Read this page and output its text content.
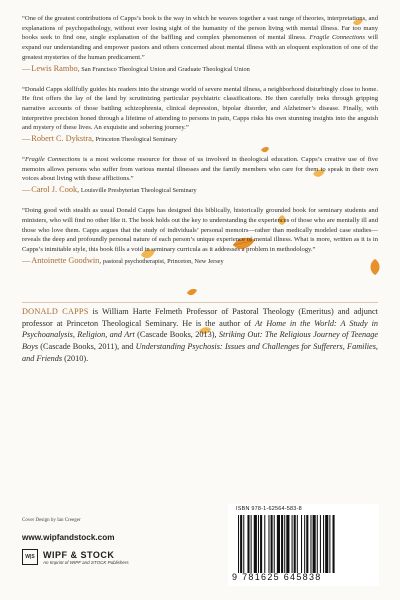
“One of the greatest contributions of Capps’s book is the way in which he weaves together a vast range of theories, interpretations, and explanations of psychopathology, without ever losing sight of the humanity of the person living with mental illness. Far too many books seek to find one, single explanation of the baffling and complex phenomenon of mental illness. Fragile Connections will expand our understanding and empower pastors and others concerned about mental illness with an eloquent exploration of one of the greatest mysteries of the human predicament.”
—Lewis Rambo, San Francisco Theological Union and Graduate Theological Union
“Donald Capps skillfully guides his readers into the strange world of severe mental illness, a neighborhood disturbingly close to home. He first offers the lay of the land by scrutinizing particular psychiatric classifications. He then carefully treks through gripping narrative accounts of those battling schizophrenia, clinical depression, bipolar disorder, and Alzheimer’s disease. Finally, with interpretive precision honed through a lifetime of attending to persons in pain, Capps risks his own stunning insights into the anguish and mystery of these lives. An exquisite and sobering journey.”
—Robert C. Dykstra, Princeton Theological Seminary
“Fragile Connections is a most welcome resource for those of us involved in theological education. Capps’s creative use of five memoirs allows persons who suffer from various mental illnesses and the family members who care for them to speak in their own voices about living with these afflictions.”
—Carol J. Cook, Louisville Presbyterian Theological Seminary
“Doing good with stealth as usual Donald Capps has designed this biblically, historically grounded book for seminary students and ministers, who will find no other like it. The book holds out the key to understanding the experiences of those who are mentally ill and those who love them. Capps argues that the study of individuals’ personal memoirs—rather than medically modeled case studies—reveals the deep and profoundly personal nature of each person’s unique experience of mental illness. What is more, written as it is in Capps’s inimitable style, this book fills a void in seminary curricula as it addresses a problem in methodology.”
—Antoinette Goodwin, pastoral psychotherapist, Princeton, New Jersey
DONALD CAPPS is William Harte Felmeth Professor of Pastoral Theology (Emeritus) and adjunct professor at Princeton Theological Seminary. He is the author of At Home in the World: A Study in Psychoanalysis, Religion, and Art (Cascade Books, 2013), Striking Out: The Religious Journey of Teenage Boys (Cascade Books, 2011), and Understanding Psychosis: Issues and Challenges for Sufferers, Families, and Friends (2010).
Cover Design by Ian Creeger
www.wipfandstock.com
W|S WIPF & STOCK
An Imprint of WIPF and STOCK Publishers
ISBN 978-1-62564-583-8
9 781625 645838
